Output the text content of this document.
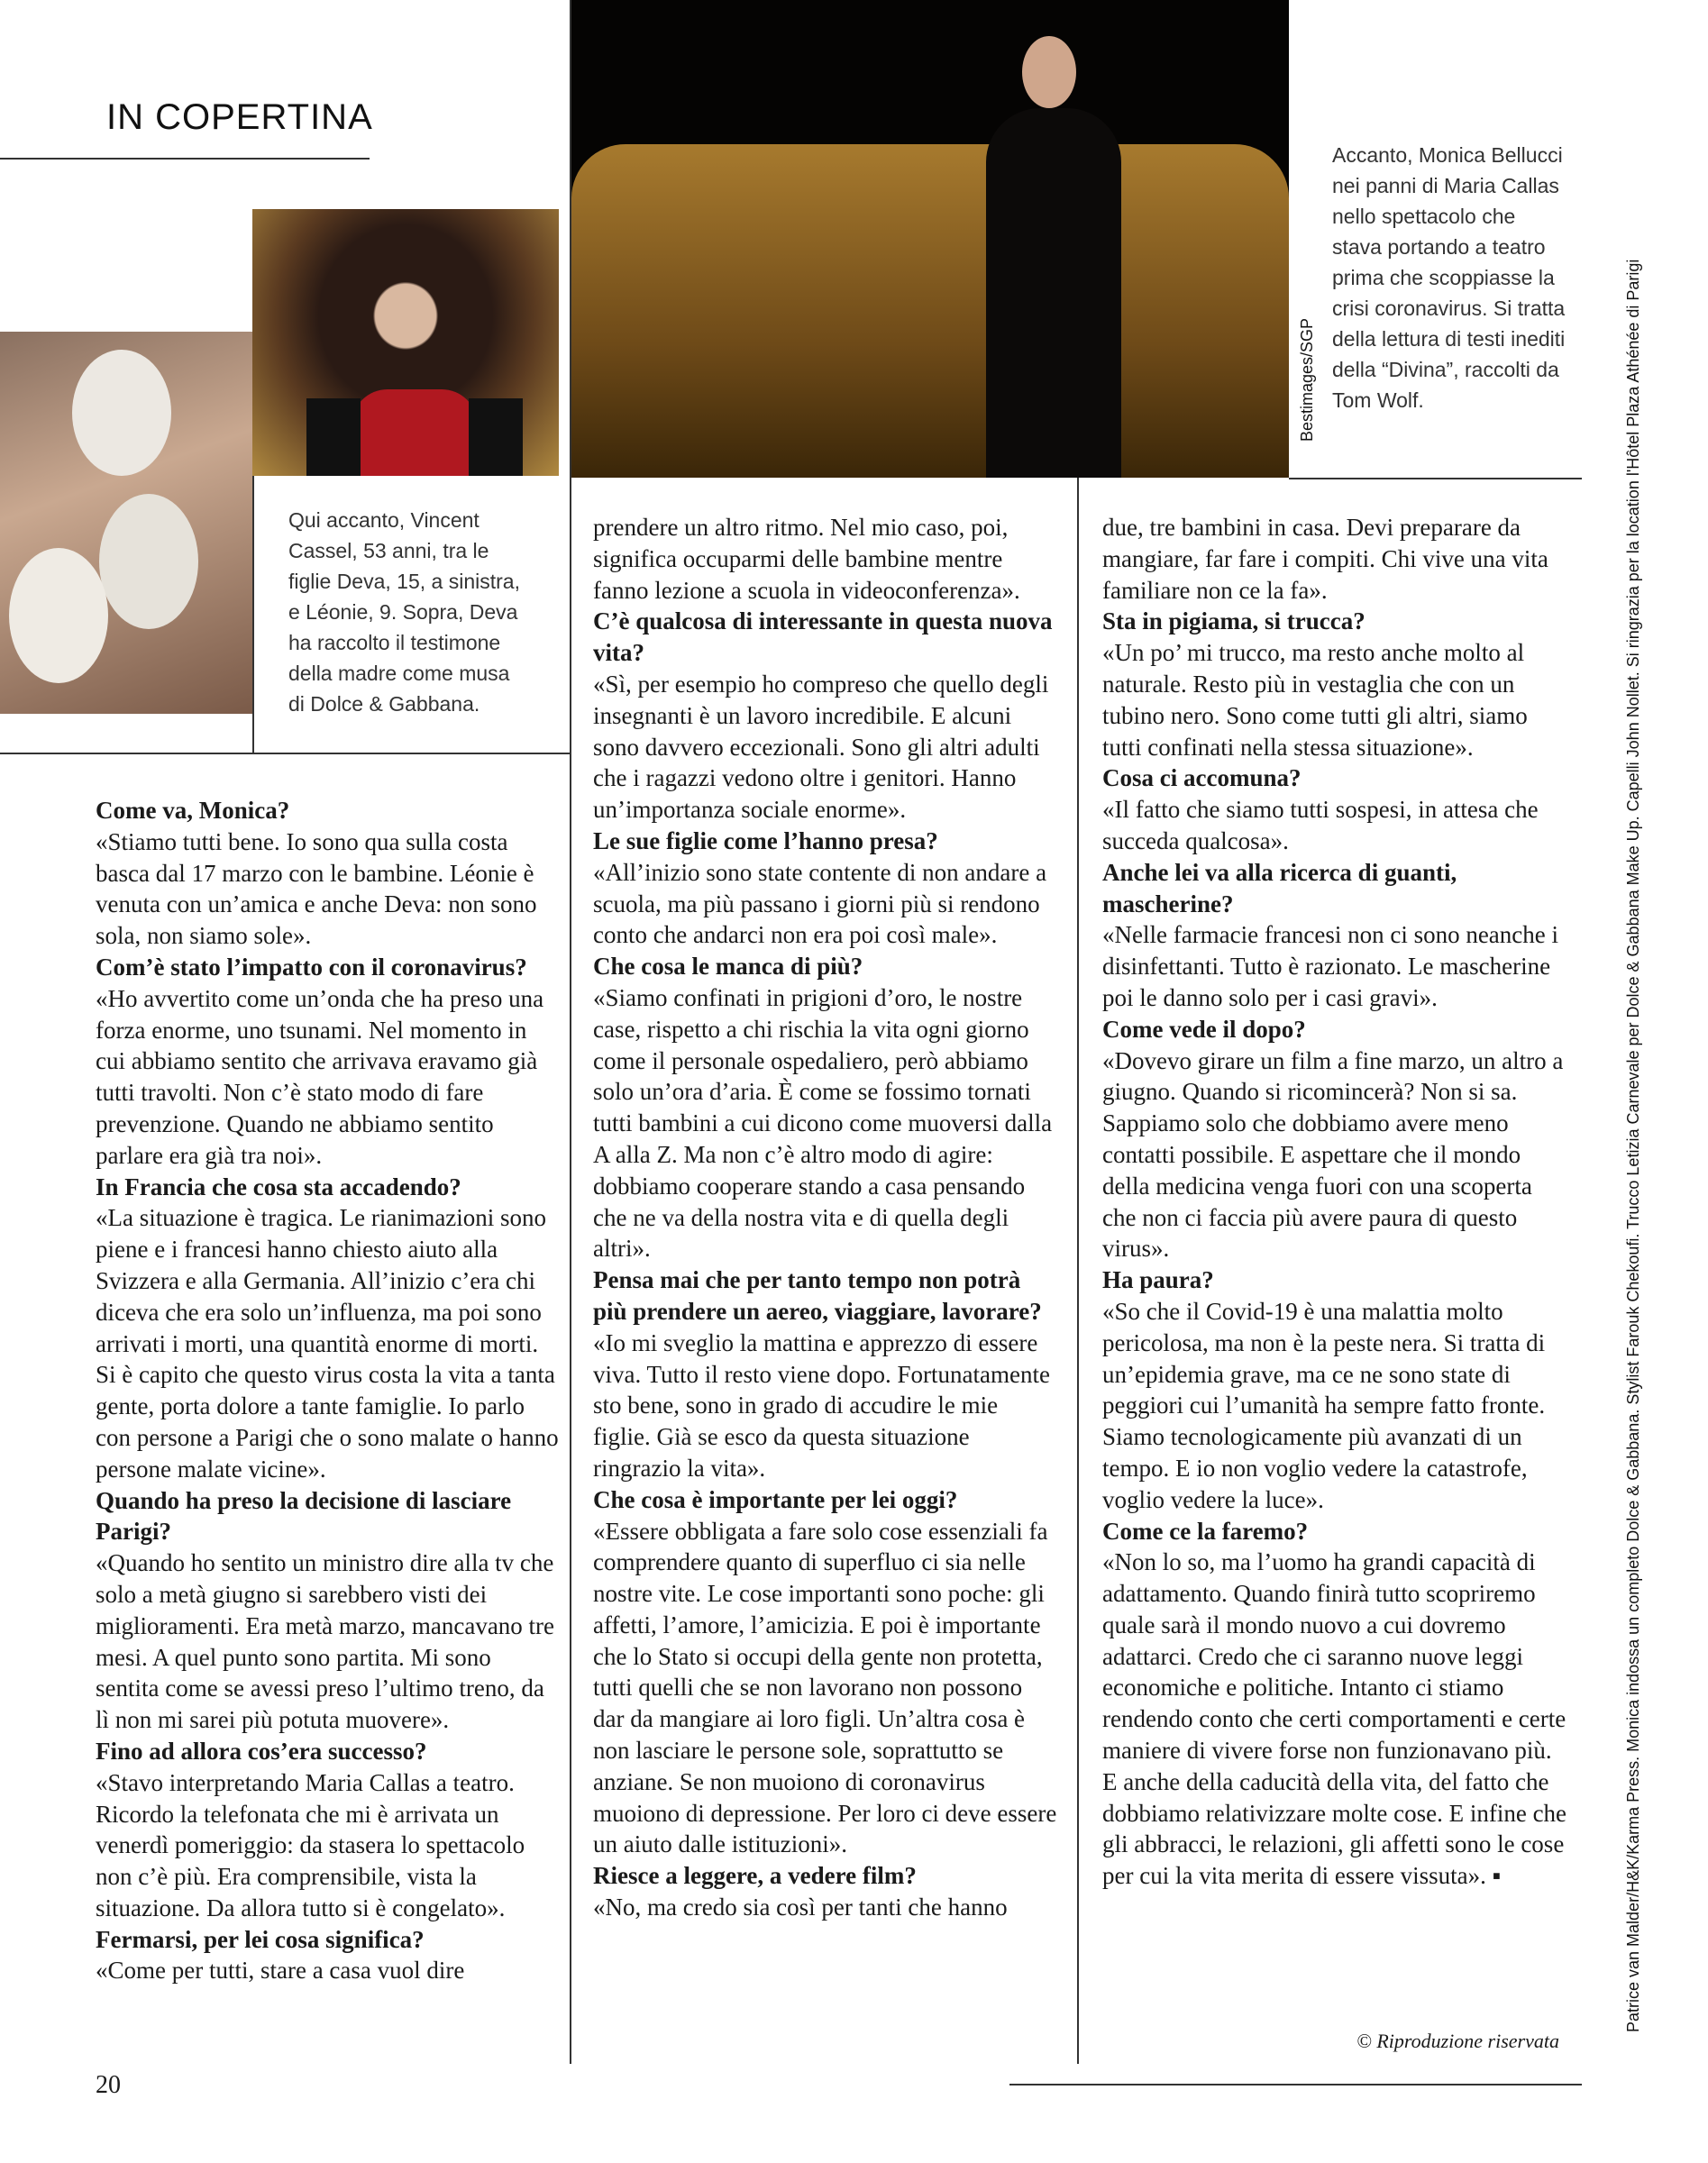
IN COPERTINA
Qui accanto, Vincent Cassel, 53 anni, tra le figlie Deva, 15, a sinistra, e Léonie, 9. Sopra, Deva ha raccolto il testimone della madre come musa di Dolce & Gabbana.
Bestimages/SGP
Accanto, Monica Bellucci nei panni di Maria Callas nello spettacolo che stava portando a teatro prima che scoppiasse la crisi coronavirus. Si tratta della lettura di testi inediti della “Divina”, raccolti da Tom Wolf.
Come va, Monica?
«Stiamo tutti bene. Io sono qua sulla costa basca dal 17 marzo con le bambine. Léonie è venuta con un’amica e anche Deva: non sono sola, non siamo sole».
Com’è stato l’impatto con il coronavirus?
«Ho avvertito come un’onda che ha preso una forza enorme, uno tsunami. Nel momento in cui abbiamo sentito che arrivava eravamo già tutti travolti. Non c’è stato modo di fare prevenzione. Quando ne abbiamo sentito parlare era già tra noi».
In Francia che cosa sta accadendo?
«La situazione è tragica. Le rianimazioni sono piene e i francesi hanno chiesto aiuto alla Svizzera e alla Germania. All’inizio c’era chi diceva che era solo un’influenza, ma poi sono arrivati i morti, una quantità enorme di morti. Si è capito che questo virus costa la vita a tanta gente, porta dolore a tante famiglie. Io parlo con persone a Parigi che o sono malate o hanno persone malate vicine».
Quando ha preso la decisione di lasciare Parigi?
«Quando ho sentito un ministro dire alla tv che solo a metà giugno si sarebbero visti dei miglioramenti. Era metà marzo, mancavano tre mesi. A quel punto sono partita. Mi sono sentita come se avessi preso l’ultimo treno, da lì non mi sarei più potuta muovere».
Fino ad allora cos’era successo?
«Stavo interpretando Maria Callas a teatro. Ricordo la telefonata che mi è arrivata un venerdì pomeriggio: da stasera lo spettacolo non c’è più. Era comprensibile, vista la situazione. Da allora tutto si è congelato».
Fermarsi, per lei cosa significa?
«Come per tutti, stare a casa vuol dire
prendere un altro ritmo. Nel mio caso, poi, significa occuparmi delle bambine mentre fanno lezione a scuola in videoconferenza».
C’è qualcosa di interessante in questa nuova vita?
«Sì, per esempio ho compreso che quello degli insegnanti è un lavoro incredibile. E alcuni sono davvero eccezionali. Sono gli altri adulti che i ragazzi vedono oltre i genitori. Hanno un’importanza sociale enorme».
Le sue figlie come l’hanno presa?
«All’inizio sono state contente di non andare a scuola, ma più passano i giorni più si rendono conto che andarci non era poi così male».
Che cosa le manca di più?
«Siamo confinati in prigioni d’oro, le nostre case, rispetto a chi rischia la vita ogni giorno come il personale ospedaliero, però abbiamo solo un’ora d’aria. È come se fossimo tornati tutti bambini a cui dicono come muoversi dalla A alla Z. Ma non c’è altro modo di agire: dobbiamo cooperare stando a casa pensando che ne va della nostra vita e di quella degli altri».
Pensa mai che per tanto tempo non potrà più prendere un aereo, viaggiare, lavorare?
«Io mi sveglio la mattina e apprezzo di essere viva. Tutto il resto viene dopo. Fortunatamente sto bene, sono in grado di accudire le mie figlie. Già se esco da questa situazione ringrazio la vita».
Che cosa è importante per lei oggi?
«Essere obbligata a fare solo cose essenziali fa comprendere quanto di superfluo ci sia nelle nostre vite. Le cose importanti sono poche: gli affetti, l’amore, l’amicizia. E poi è importante che lo Stato si occupi della gente non protetta, tutti quelli che se non lavorano non possono dar da mangiare ai loro figli. Un’altra cosa è non lasciare le persone sole, soprattutto se anziane. Se non muoiono di coronavirus muoiono di depressione. Per loro ci deve essere un aiuto dalle istituzioni».
Riesce a leggere, a vedere film?
«No, ma credo sia così per tanti che hanno
due, tre bambini in casa. Devi preparare da mangiare, far fare i compiti. Chi vive una vita familiare non ce la fa».
Sta in pigiama, si trucca?
«Un po’ mi trucco, ma resto anche molto al naturale. Resto più in vestaglia che con un tubino nero. Sono come tutti gli altri, siamo tutti confinati nella stessa situazione».
Cosa ci accomuna?
«Il fatto che siamo tutti sospesi, in attesa che succeda qualcosa».
Anche lei va alla ricerca di guanti, mascherine?
«Nelle farmacie francesi non ci sono neanche i disinfettanti. Tutto è razionato. Le mascherine poi le danno solo per i casi gravi».
Come vede il dopo?
«Dovevo girare un film a fine marzo, un altro a giugno. Quando si ricomincerà? Non si sa. Sappiamo solo che dobbiamo avere meno contatti possibile. E aspettare che il mondo della medicina venga fuori con una scoperta che non ci faccia più avere paura di questo virus».
Ha paura?
«So che il Covid-19 è una malattia molto pericolosa, ma non è la peste nera. Si tratta di un’epidemia grave, ma ce ne sono state di peggiori cui l’umanità ha sempre fatto fronte. Siamo tecnologicamente più avanzati di un tempo. E io non voglio vedere la catastrofe, voglio vedere la luce».
Come ce la faremo?
«Non lo so, ma l’uomo ha grandi capacità di adattamento. Quando finirà tutto scopriremo quale sarà il mondo nuovo a cui dovremo adattarci. Credo che ci saranno nuove leggi economiche e politiche. Intanto ci stiamo rendendo conto che certi comportamenti e certe maniere di vivere forse non funzionavano più. E anche della caducità della vita, del fatto che dobbiamo relativizzare molte cose. E infine che gli abbracci, le relazioni, gli affetti sono le cose per cui la vita merita di essere vissuta». ▪
© Riproduzione riservata
20
Patrice van Malder/H&K/Karma Press. Monica indossa un completo Dolce & Gabbana. Stylist Farouk Chekoufi. Trucco Letizia Carnevale per Dolce & Gabbana Make Up. Capelli John Nollet. Si ringrazia per la location l'Hôtel Plaza Athénée di Parigi
